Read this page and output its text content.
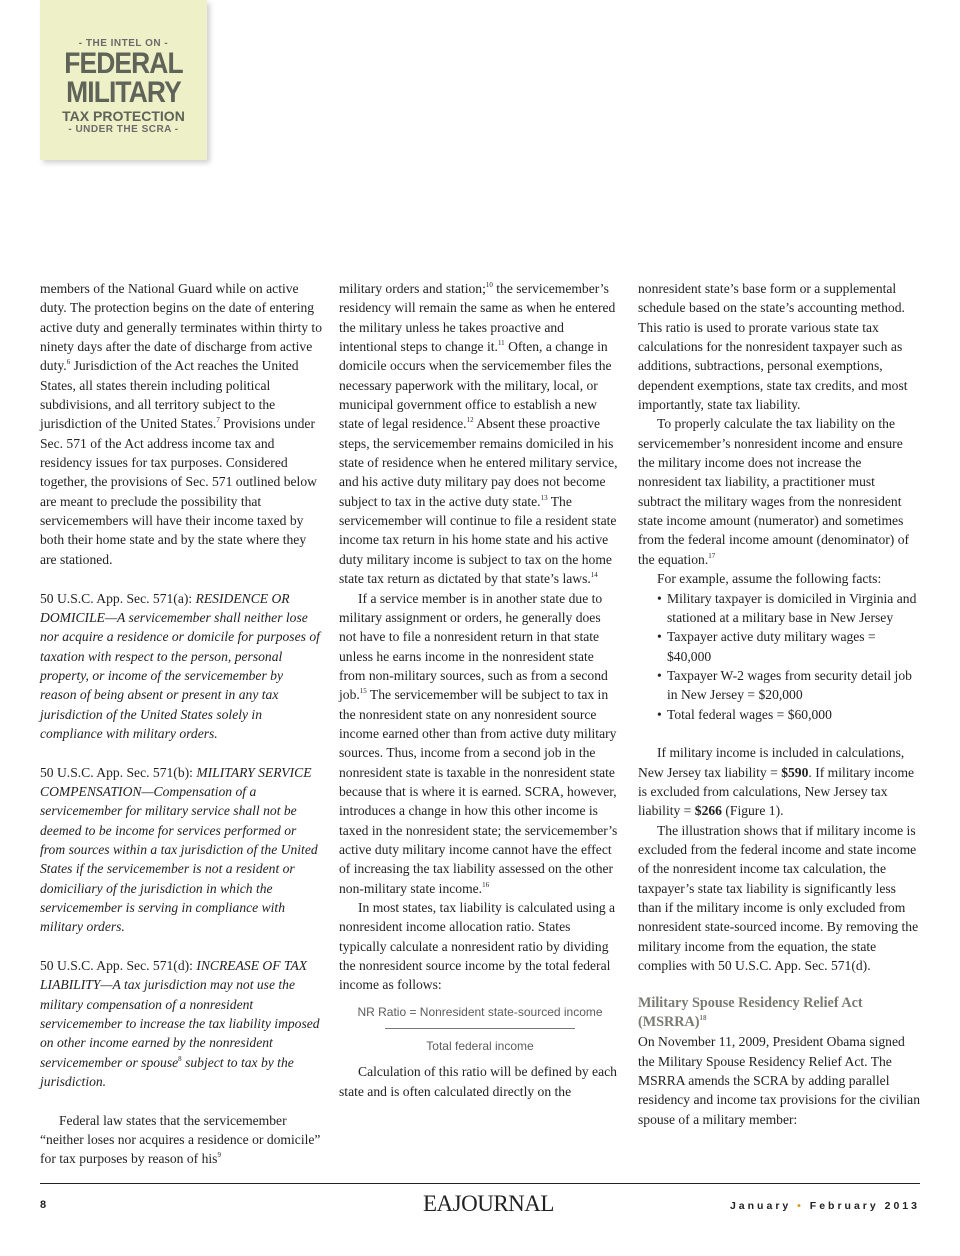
- THE INTEL ON -
FEDERAL
MILITARY
TAX PROTECTION
- UNDER THE SCRA -

members of the National Guard while on active duty. The protection begins on the date of entering active duty and generally terminates within thirty to ninety days after the date of discharge from active duty.$^6$ Jurisdiction of the Act reaches the United States, all states therein including political subdivisions, and all territory subject to the jurisdiction of the United States.$^7$ Provisions under Sec. 571 of the Act address income tax and residency issues for tax purposes. Considered together, the provisions of Sec. 571 outlined below are meant to preclude the possibility that servicemembers will have their income taxed by both their home state and by the state where they are stationed.

50 U.S.C. App. Sec. 571(a): RESIDENCE OR DOMICILE—A servicemember shall neither lose nor acquire a residence or domicile for purposes of taxation with respect to the person, personal property, or income of the servicemember by reason of being absent or present in any tax jurisdiction of the United States solely in compliance with military orders.

50 U.S.C. App. Sec. 571(b): MILITARY SERVICE COMPENSATION—Compensation of a servicemember for military service shall not be deemed to be income for services performed or from sources within a tax jurisdiction of the United States if the servicemember is not a resident or domiciliary of the jurisdiction in which the servicemember is serving in compliance with military orders.

50 U.S.C. App. Sec. 571(d): INCREASE OF TAX LIABILITY—A tax jurisdiction may not use the military compensation of a nonresident servicemember to increase the tax liability imposed on other income earned by the nonresident servicemember or spouse$^8$ subject to tax by the jurisdiction.

Federal law states that the servicemember “neither loses nor acquires a residence or domicile” for tax purposes by reason of his$^9$

military orders and station;$^{10}$ the servicemember’s residency will remain the same as when he entered the military unless he takes proactive and intentional steps to change it.$^{11}$ Often, a change in domicile occurs when the servicemember files the necessary paperwork with the military, local, or municipal government office to establish a new state of legal residence.$^{12}$ Absent these proactive steps, the servicemember remains domiciled in his state of residence when he entered military service, and his active duty military pay does not become subject to tax in the active duty state.$^{13}$ The servicemember will continue to file a resident state income tax return in his home state and his active duty military income is subject to tax on the home state tax return as dictated by that state’s laws.$^{14}$

If a service member is in another state due to military assignment or orders, he generally does not have to file a nonresident return in that state unless he earns income in the nonresident state from non-military sources, such as from a second job.$^{15}$ The servicemember will be subject to tax in the nonresident state on any nonresident source income earned other than from active duty military sources. Thus, income from a second job in the nonresident state is taxable in the nonresident state because that is where it is earned. SCRA, however, introduces a change in how this other income is taxed in the nonresident state; the servicemember’s active duty military income cannot have the effect of increasing the tax liability assessed on the other non-military state income.$^{16}$

In most states, tax liability is calculated using a nonresident income allocation ratio. States typically calculate a nonresident ratio by dividing the nonresident source income by the total federal income as follows:

NR Ratio = Nonresident state-sourced income
Total federal income

Calculation of this ratio will be defined by each state and is often calculated directly on the

nonresident state’s base form or a supplemental schedule based on the state’s accounting method. This ratio is used to prorate various state tax calculations for the nonresident taxpayer such as additions, subtractions, personal exemptions, dependent exemptions, state tax credits, and most importantly, state tax liability.

To properly calculate the tax liability on the servicemember’s nonresident income and ensure the military income does not increase the nonresident tax liability, a practitioner must subtract the military wages from the nonresident state income amount (numerator) and sometimes from the federal income amount (denominator) of the equation.$^{17}$

For example, assume the following facts:

• Military taxpayer is domiciled in Virginia and stationed at a military base in New Jersey
• Taxpayer active duty military wages = $40,000
• Taxpayer W-2 wages from security detail job in New Jersey = $20,000
• Total federal wages = $60,000

If military income is included in calculations, New Jersey tax liability = $590. If military income is excluded from calculations, New Jersey tax liability = $266 (Figure 1).

The illustration shows that if military income is excluded from the federal income and state income of the nonresident income tax calculation, the taxpayer’s state tax liability is significantly less than if the military income is only excluded from nonresident state-sourced income. By removing the military income from the equation, the state complies with 50 U.S.C. App. Sec. 571(d).

Military Spouse Residency Relief Act (MSRRA)$^{18}$

On November 11, 2009, President Obama signed the Military Spouse Residency Relief Act. The MSRRA amends the SCRA by adding parallel residency and income tax provisions for the civilian spouse of a military member:

8	EAJOURNAL	January • February 2013
